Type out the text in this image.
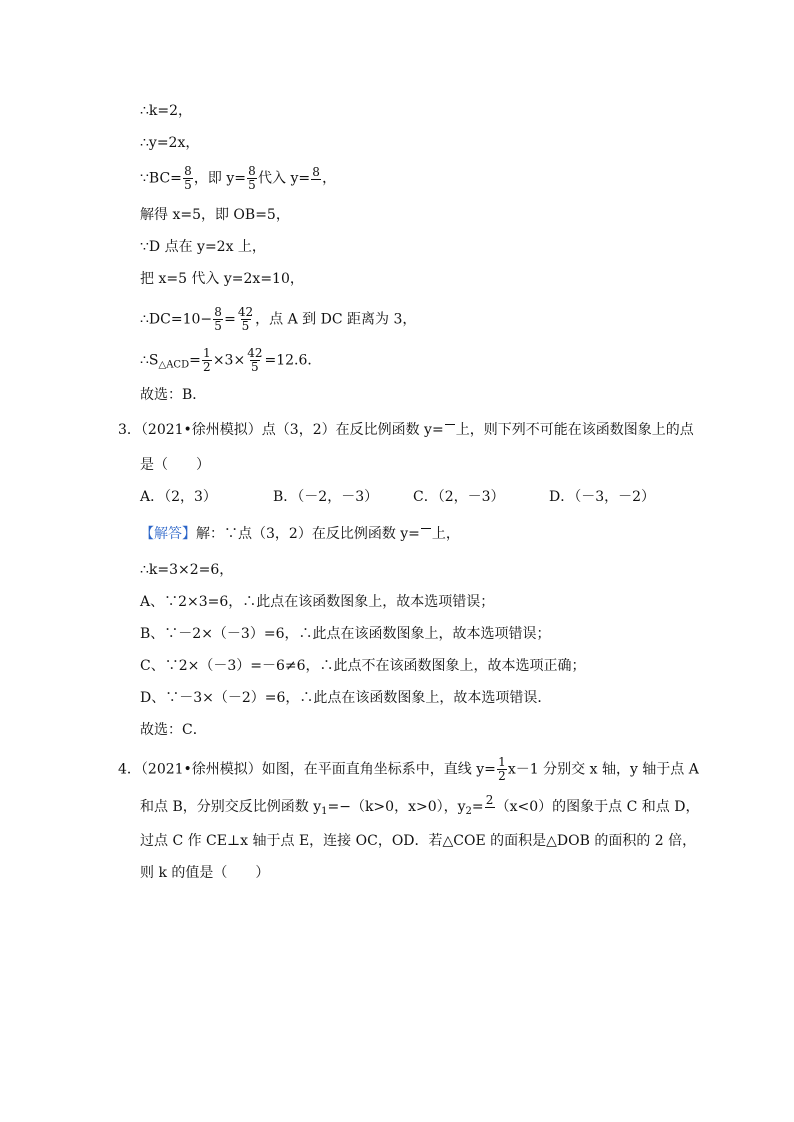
∴k=2，
∴y=2x，
∵BC= $\frac{8}{5}$ ，即 $y= \frac{8}{5}$ 代入 y= 8 ，
解得 x=5，即 OB=5，
∵D 点在 y=2x 上，
把 x=5 代入 y=2x=10，
∴DC=10− $\frac{8}{5} = \frac{42}{5}$ ，点 A 到 DC 距离为 3，
$\therefore S_{\triangle ACD}= \frac{1}{2} \times 3\times \frac{42}{5} =12.6$．
故选：B．
3．（2021•徐州模拟）点（3，2）在反比例函数 y= 上，则下列不可能在该函数图象上的点
是（　　）
A．（2，3）	B．（－2，－3） C．（2，－3）	D．（－3，－2）
【解答】解：∵点（3，2）在反比例函数 y= 上，
∴k=3×2=6，
A、∵2×3=6，∴此点在该函数图象上，故本选项错误；
B、∵－2×（－3）=6，∴此点在该函数图象上，故本选项错误；
C、∵2×（－3）=－6≠6，∴此点不在该函数图象上，故本选项正确；
D、∵－3×（－2）=6，∴此点在该函数图象上，故本选项错误．
故选：C．
4．（2021•徐州模拟）如图，在平面直角坐标系中，直线 $y= \frac{1}{2} x-1$ 分别交 x 轴，y 轴于点 A
和点 B，分别交反比例函数 $y_1=-(k>0$，x>0），$y_2= 2$ （x<0）的图象于点 C 和点 D，
过点 C 作 CE⊥x 轴于点 E，连接 OC，OD．若△COE 的面积是△DOB 的面积的 2 倍，
则 k 的值是（　　）
